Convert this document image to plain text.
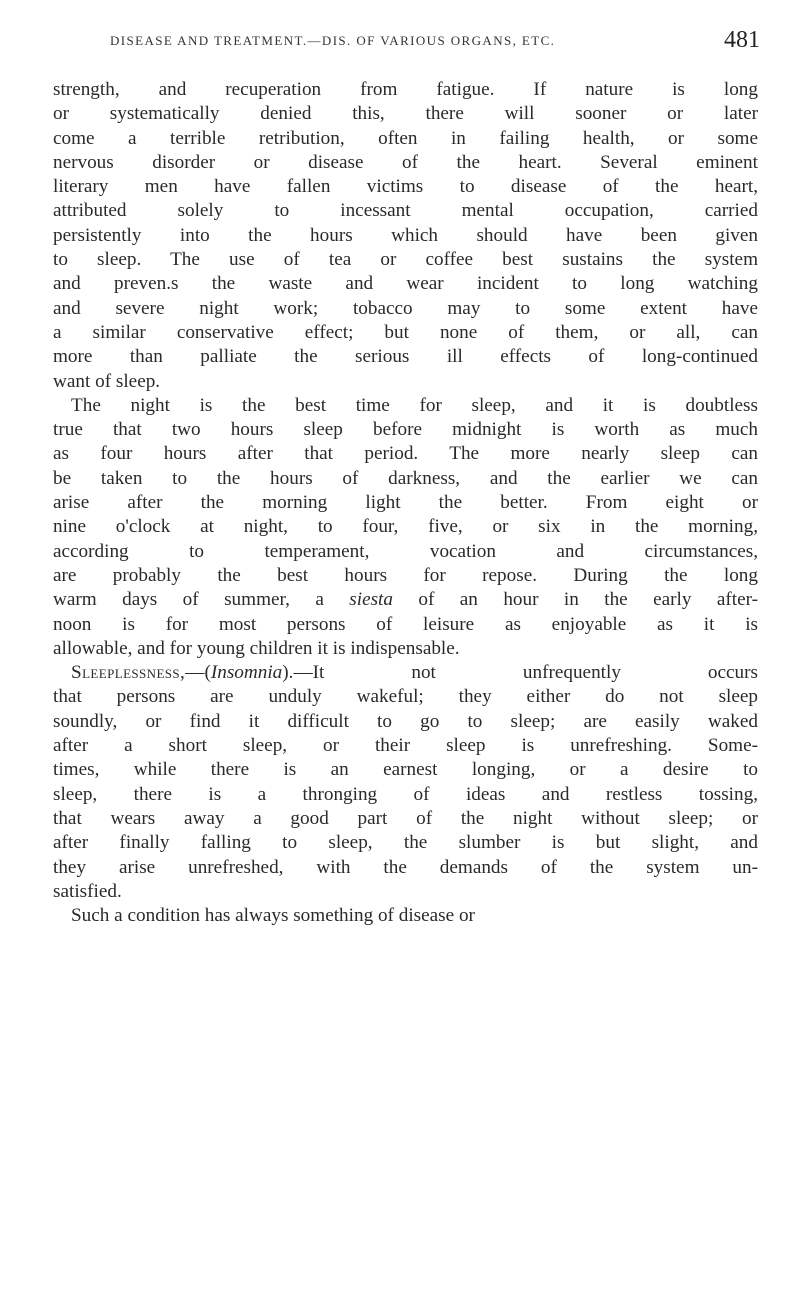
DISEASE AND TREATMENT.—DIS. OF VARIOUS ORGANS, ETC.	481
strength, and recuperation from fatigue. If nature is long
or systematically denied this, there will sooner or later
come a terrible retribution, often in failing health, or some
nervous disorder or disease of the heart. Several eminent
literary men have fallen victims to disease of the heart,
attributed solely to incessant mental occupation, carried
persistently into the hours which should have been given
to sleep. The use of tea or coffee best sustains the system
and preven.s the waste and wear incident to long watching
and severe night work; tobacco may to some extent have
a similar conservative effect; but none of them, or all, can
more than palliate the serious ill effects of long-continued
want of sleep.
The night is the best time for sleep, and it is doubtless
true that two hours sleep before midnight is worth as much
as four hours after that period. The more nearly sleep can
be taken to the hours of darkness, and the earlier we can
arise after the morning light the better. From eight or
nine o'clock at night, to four, five, or six in the morning,
according to temperament, vocation and circumstances,
are probably the best hours for repose. During the long
warm days of summer, a siesta of an hour in the early after-
noon is for most persons of leisure as enjoyable as it is
allowable, and for young children it is indispensable.
Sleeplessness,—(Insomnia).—It not unfrequently occurs
that persons are unduly wakeful; they either do not sleep
soundly, or find it difficult to go to sleep; are easily waked
after a short sleep, or their sleep is unrefreshing. Some-
times, while there is an earnest longing, or a desire to
sleep, there is a thronging of ideas and restless tossing,
that wears away a good part of the night without sleep; or
after finally falling to sleep, the slumber is but slight, and
they arise unrefreshed, with the demands of the system un-
satisfied.
Such a condition has always something of disease or
